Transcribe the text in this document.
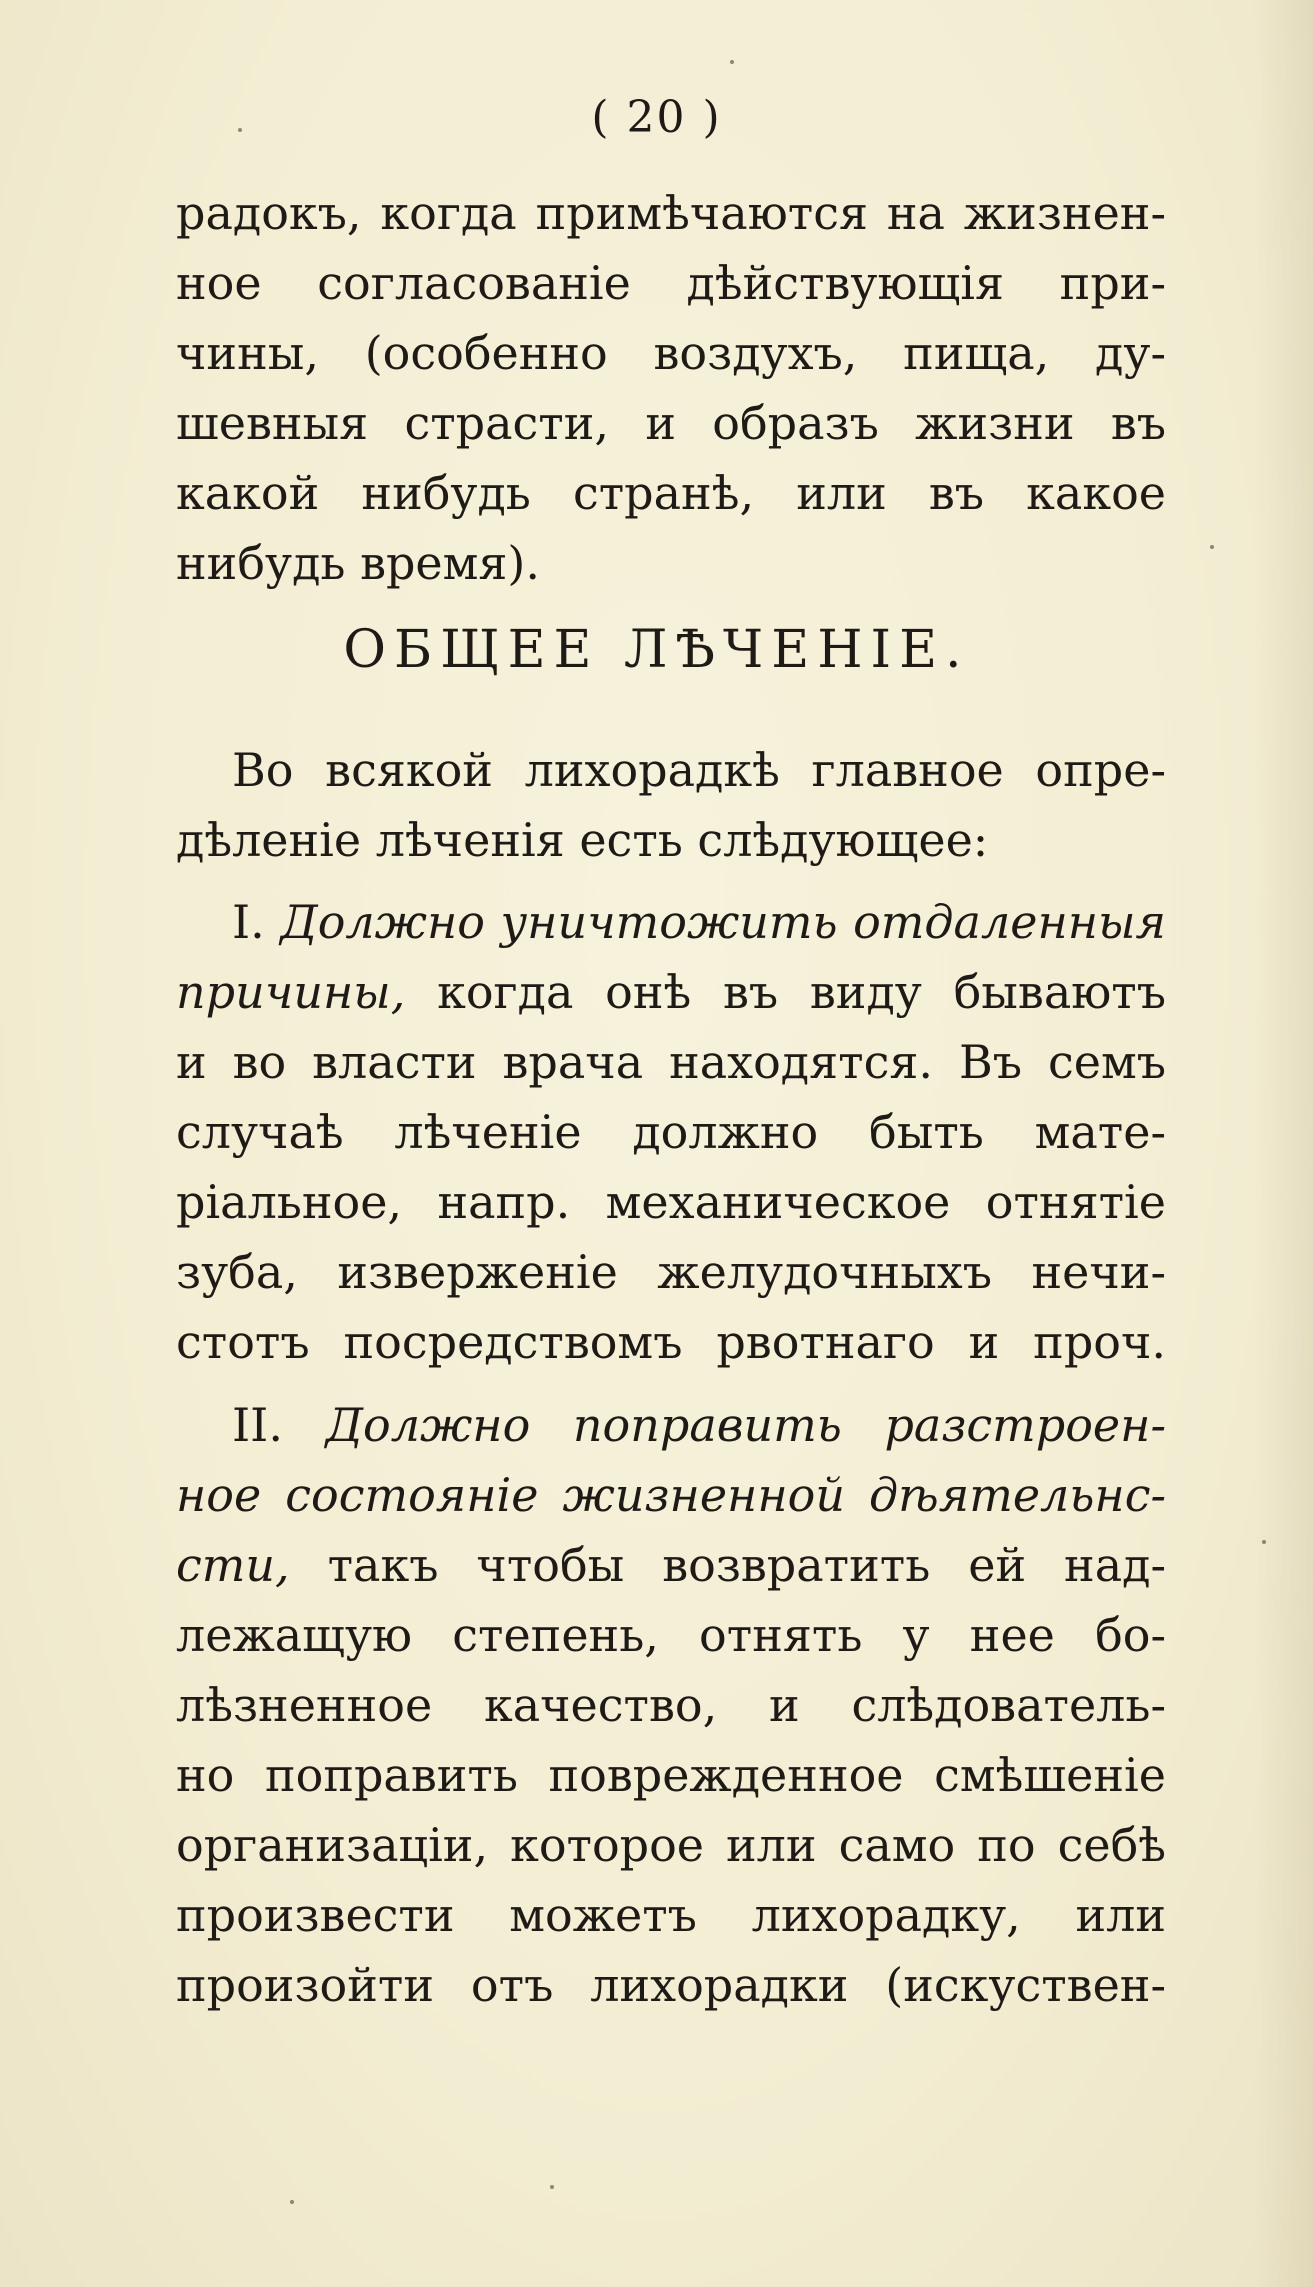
( 20 )
радокъ, когда примѣчаются на жизнен-
ное согласованіе дѣйствующія при-
чины, (особенно воздухъ, пища, ду-
шевныя страсти, и образъ жизни въ
какой нибудь странѣ, или въ какое
нибудь время).
ОБЩЕЕ ЛѢЧЕНІЕ.
Во всякой лихорадкѣ главное опре-
дѣленіе лѣченія есть слѣдующее:
I. Должно уничтожить отдаленныя
причины, когда онѣ въ виду бываютъ
и во власти врача находятся. Въ семъ
случаѣ лѣченіе должно быть мате-
ріальное, напр. механическое отнятіе
зуба, изверженіе желудочныхъ нечи-
стотъ посредствомъ рвотнаго и проч.
II. Должно поправить разстроен-
ное состояніе жизненной дѣятельнс-
сти, такъ чтобы возвратить ей над-
лежащую степень, отнять у нее бо-
лѣзненное качество, и слѣдователь-
но поправить поврежденное смѣшеніе
организаціи, которое или само по себѣ
произвести можетъ лихорадку, или
произойти отъ лихорадки (искуствен-
